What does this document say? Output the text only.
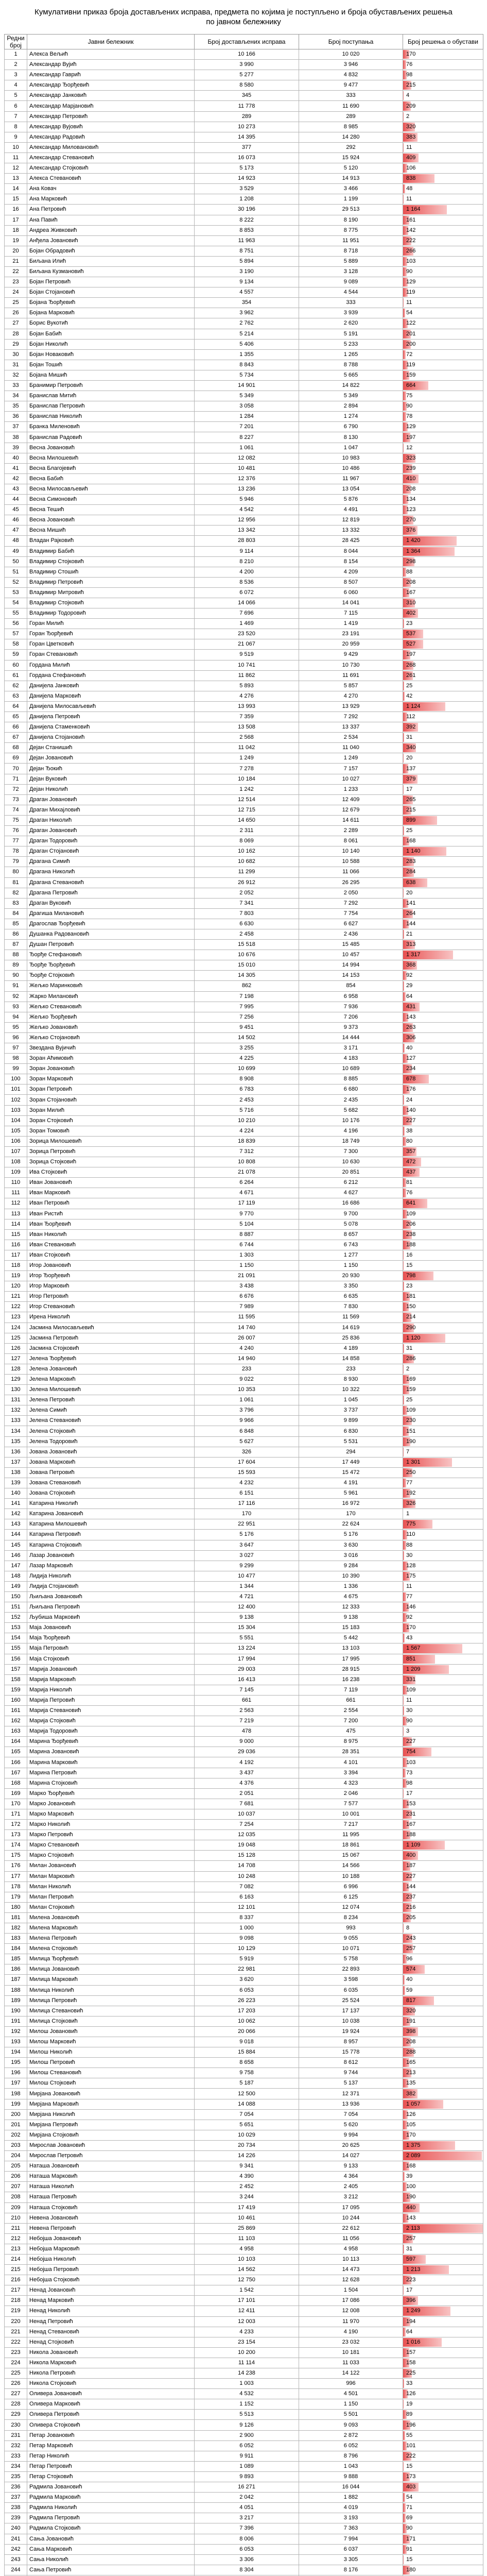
Кумулативни приказ броја достављених исправа, предмета по којима је поступљено и броја обустављених решења по јавном бележнику
Редни број	Јавни бележник	Број достављених исправа	Број поступања	Број решења о обустави
1	Алекса Вељић	10 166	10 020	170
2	Александар Вујић	3 990	3 946	76
3	Александар Гаврић	5 277	4 832	98
4	Александар Ђорђевић	8 580	9 477	215
5	Александар Јанковић	345	333	4
6	Александар Марјановић	11 778	11 690	209
7	Александар Петровић	289	289	2
8	Александар Вујовић	10 273	8 985	320
9	Александар Радовић	14 395	14 280	383
10	Александар Миловановић	377	292	11
11	Александар Стевановић	16 073	15 924	409
12	Александар Стојковић	5 173	5 120	106
13	Алекса Стевановић	14 923	14 913	838
14	Ана Ковач	3 529	3 466	48
15	Ана Марковић	1 208	1 199	11
16	Ана Петровић	30 196	29 513	1 164
17	Ана Павић	8 222	8 190	161
18	Андреа Живковић	8 853	8 775	142
19	Анђела Јовановић	11 963	11 951	222
20	Бојан Обрадовић	8 751	8 718	266
21	Биљана Илић	5 894	5 889	103
22	Биљана Кузмановић	3 190	3 128	90
23	Бојан Петровић	9 134	9 089	129
24	Бојан Стојановић	4 557	4 544	119
25	Бојана Ђорђевић	354	333	11
26	Бојана Марковић	3 962	3 939	54
27	Борис Вукотић	2 762	2 620	122
28	Бојан Бабић	5 214	5 191	201
29	Бојан Николић	5 406	5 233	200
30	Бојан Новаковић	1 355	1 265	72
31	Бојан Тошић	8 843	8 788	119
32	Бојана Мишић	5 734	5 665	159
33	Бранимир Петровић	14 901	14 822	664
34	Бранислав Митић	5 349	5 349	75
35	Бранислав Петровић	3 058	2 894	90
36	Бранислав Николић	1 284	1 274	78
37	Бранка Миленовић	7 201	6 790	129
38	Бранислав Радовић	8 227	8 130	197
39	Весна Јовановић	1 061	1 047	12
40	Весна Милошевић	12 082	10 983	323
41	Весна Благојевић	10 481	10 486	239
42	Весна Бабић	12 376	11 967	410
43	Весна Милосављевић	13 236	13 054	208
44	Весна Симоновић	5 946	5 876	134
45	Весна Тешић	4 542	4 491	123
46	Весна Јовановић	12 956	12 819	270
47	Весна Мишић	13 342	13 332	376
48	Владан Рајковић	28 803	28 425	1 420
49	Владимир Бабић	9 114	8 044	1 364
50	Владимир Стојковић	8 210	8 154	298
51	Владимир Стошић	4 200	4 209	88
52	Владимир Петровић	8 536	8 507	208
53	Владимир Митровић	6 072	6 060	167
54	Владимир Стојковић	14 066	14 041	310
55	Владимир Тодоровић	7 696	7 115	402
56	Горан Милић	1 469	1 419	23
57	Горан Ђорђевић	23 520	23 191	537
58	Горан Цветковић	21 067	20 959	527
59	Горан Стевановић	9 519	9 429	197
60	Гордана Милић	10 741	10 730	268
61	Гордана Стефановић	11 862	11 691	261
62	Данијела Јанковић	5 893	5 857	25
63	Данијела Марковић	4 276	4 270	42
64	Данијела Милосављевић	13 993	13 929	1 124
65	Данијела Петровић	7 359	7 292	112
66	Данијела Стаменковић	13 508	13 337	392
67	Данијела Стојановић	2 568	2 534	31
68	Дејан Станишић	11 042	11 040	340
69	Дејан Јовановић	1 249	1 249	20
70	Дејан Ђокић	7 278	7 157	137
71	Дејан Вуковић	10 184	10 027	379
72	Дејан Николић	1 242	1 233	17
73	Драган Јовановић	12 514	12 409	265
74	Драган Михајловић	12 715	12 679	215
75	Драган Николић	14 650	14 611	899
76	Драган Јовановић	2 311	2 289	25
77	Драган Тодоровић	8 069	8 061	168
78	Драган Стојановић	10 162	10 140	1 140
79	Драгана Симић	10 682	10 588	283
80	Драгана Николић	11 299	11 066	284
81	Драгана Стевановић	26 912	26 295	638
82	Драгана Петровић	2 052	2 050	20
83	Драган Вуковић	7 341	7 292	141
84	Драгиша Милановић	7 803	7 754	264
85	Драгослав Ђорђевић	6 630	6 627	144
86	Душанка Радовановић	2 458	2 436	21
87	Душан Петровић	15 518	15 485	313
88	Ђорђе Стефановић	10 676	10 457	1 317
89	Ђорђе Ђорђевић	15 010	14 994	368
90	Ђорђе Стојковић	14 305	14 153	92
91	Жељко Маринковић	862	854	29
92	Жарко Милановић	7 198	6 958	64
93	Жељко Стевановић	7 995	7 936	431
94	Жељко Ђорђевић	7 256	7 206	143
95	Жељко Јовановић	9 451	9 373	263
96	Жељко Стојановић	14 502	14 444	306
97	Звездана Вујичић	3 255	3 171	40
98	Зоран Аћимовић	4 225	4 183	127
99	Зоран Јовановић	10 699	10 689	234
100	Зоран Марковић	8 908	8 885	678
101	Зоран Петровић	6 783	6 680	176
102	Зоран Стојановић	2 453	2 435	24
103	Зоран Милић	5 716	5 682	140
104	Зоран Стојковић	10 210	10 176	227
105	Зоран Томовић	4 224	4 196	38
106	Зорица Милошевић	18 839	18 749	80
107	Зорица Петровић	7 312	7 300	357
108	Зорица Стојковић	10 808	10 630	472
109	Ива Стојковић	21 078	20 851	437
110	Иван Јовановић	6 264	6 212	81
111	Иван Марковић	4 671	4 627	76
112	Иван Петровић	17 119	16 686	641
113	Иван Ристић	9 770	9 700	109
114	Иван Ђорђевић	5 104	5 078	206
115	Иван Николић	8 887	8 657	238
116	Иван Стевановић	6 744	6 743	188
117	Иван Стојковић	1 303	1 277	16
118	Игор Јовановић	1 150	1 150	15
119	Игор Ђорђевић	21 091	20 930	798
120	Игор Марковић	3 438	3 350	23
121	Игор Петровић	6 676	6 635	181
122	Игор Стевановић	7 989	7 830	150
123	Ирена Николић	11 595	11 569	214
124	Јасмина Милосављевић	14 740	14 619	290
125	Јасмина Петровић	26 007	25 836	1 120
126	Јасмина Стојковић	4 240	4 189	31
127	Јелена Ђорђевић	14 940	14 858	286
128	Јелена Јовановић	233	233	2
129	Јелена Марковић	9 022	8 930	169
130	Јелена Милошевић	10 353	10 322	159
131	Јелена Петровић	1 061	1 045	25
132	Јелена Симић	3 796	3 737	109
133	Јелена Стевановић	9 966	9 899	230
134	Јелена Стојковић	6 848	6 830	151
135	Јелена Тодоровић	5 627	5 531	190
136	Јована Јовановић	326	294	7
137	Јована Марковић	17 604	17 449	1 301
138	Јована Петровић	15 593	15 472	250
139	Јована Стевановић	4 232	4 191	77
140	Јована Стојковић	6 151	5 961	192
141	Катарина Николић	17 116	16 972	326
142	Катарина Јовановић	170	170	1
143	Катарина Милошевић	22 951	22 624	775
144	Катарина Петровић	5 176	5 176	110
145	Катарина Стојковић	3 647	3 630	88
146	Лазар Јовановић	3 027	3 016	30
147	Лазар Марковић	9 299	9 284	128
148	Лидија Николић	10 477	10 390	175
149	Лидија Стојановић	1 344	1 336	11
150	Љиљана Јовановић	4 721	4 675	77
151	Љиљана Петровић	12 400	12 333	146
152	Љубиша Марковић	9 138	9 138	92
153	Маја Јовановић	15 304	15 183	170
154	Маја Ђорђевић	5 551	5 442	43
155	Маја Петровић	13 224	13 103	1 567
156	Маја Стојковић	17 994	17 995	851
157	Марија Јовановић	29 003	28 915	1 209
158	Марија Марковић	16 413	16 238	331
159	Марија Николић	7 145	7 119	109
160	Марија Петровић	661	661	11
161	Марија Стевановић	2 563	2 554	30
162	Марија Стојковић	7 219	7 200	90
163	Марија Тодоровић	478	475	3
164	Марина Ђорђевић	9 000	8 975	227
165	Марина Јовановић	29 036	28 351	754
166	Марина Марковић	4 192	4 101	103
167	Марина Петровић	3 437	3 394	73
168	Марина Стојковић	4 376	4 323	98
169	Марко Ђорђевић	2 051	2 046	17
170	Марко Јовановић	7 681	7 577	153
171	Марко Марковић	10 037	10 001	231
172	Марко Николић	7 254	7 217	167
173	Марко Петровић	12 035	11 995	188
174	Марко Стевановић	19 048	18 861	1 109
175	Марко Стојковић	15 128	15 067	400
176	Милан Јовановић	14 708	14 566	187
177	Милан Марковић	10 248	10 188	227
178	Милан Николић	7 082	6 996	144
179	Милан Петровић	6 163	6 125	237
180	Милан Стојковић	12 101	12 074	216
181	Милена Јовановић	8 337	8 234	205
182	Милена Марковић	1 000	993	8
183	Милена Петровић	9 098	9 055	243
184	Милена Стојковић	10 129	10 071	257
185	Милица Ђорђевић	5 919	5 758	96
186	Милица Јовановић	22 981	22 893	574
187	Милица Марковић	3 620	3 598	40
188	Милица Николић	6 053	6 035	59
189	Милица Петровић	26 223	25 524	817
190	Милица Стевановић	17 203	17 137	320
191	Милица Стојковић	10 062	10 038	191
192	Милош Јовановић	20 066	19 924	398
193	Милош Марковић	9 018	8 957	208
194	Милош Николић	15 884	15 778	288
195	Милош Петровић	8 658	8 612	165
196	Милош Стевановић	9 758	9 744	213
197	Милош Стојковић	5 187	5 137	135
198	Мирјана Јовановић	12 500	12 371	382
199	Мирјана Марковић	14 088	13 936	1 057
200	Мирјана Николић	7 054	7 054	126
201	Мирјана Петровић	5 651	5 620	105
202	Мирјана Стојковић	10 029	9 994	170
203	Мирослав Јовановић	20 734	20 625	1 375
204	Мирослав Петровић	14 226	14 027	2 089
205	Наташа Јовановић	9 341	9 133	168
206	Наташа Марковић	4 390	4 364	39
207	Наташа Николић	2 452	2 405	100
208	Наташа Петровић	3 244	3 212	190
209	Наташа Стојковић	17 419	17 095	440
210	Невена Јовановић	10 461	10 244	143
211	Невена Петровић	25 869	22 612	2 113
212	Небојша Јовановић	11 103	11 056	257
213	Небојша Марковић	4 958	4 958	31
214	Небојша Николић	10 103	10 113	597
215	Небојша Петровић	14 562	14 473	1 213
216	Небојша Стојковић	12 750	12 628	223
217	Ненад Јовановић	1 542	1 504	17
218	Ненад Марковић	17 101	17 086	396
219	Ненад Николић	12 411	12 008	1 249
220	Ненад Петровић	12 003	11 970	194
221	Ненад Стевановић	4 233	4 190	64
222	Ненад Стојковић	23 154	23 032	1 016
223	Никола Јовановић	10 200	10 181	157
224	Никола Марковић	11 114	11 033	158
225	Никола Петровић	14 238	14 122	225
226	Никола Стојковић	1 003	996	33
227	Оливера Јовановић	4 532	4 501	126
228	Оливера Марковић	1 152	1 150	19
229	Оливера Петровић	5 513	5 501	89
230	Оливера Стојковић	9 126	9 093	196
231	Петар Јовановић	2 900	2 872	55
232	Петар Марковић	6 052	6 052	101
233	Петар Николић	9 911	8 796	222
234	Петар Петровић	1 089	1 043	15
235	Петар Стојковић	9 893	9 888	173
236	Радмила Јовановић	16 271	16 044	403
237	Радмила Марковић	2 042	1 882	54
238	Радмила Николић	4 051	4 019	71
239	Радмила Петровић	3 217	3 193	69
240	Радмила Стојковић	7 396	7 363	90
241	Сања Јовановић	8 006	7 994	171
242	Сања Марковић	6 053	6 037	91
243	Сања Николић	3 306	3 305	15
244	Сања Петровић	8 304	8 176	180
